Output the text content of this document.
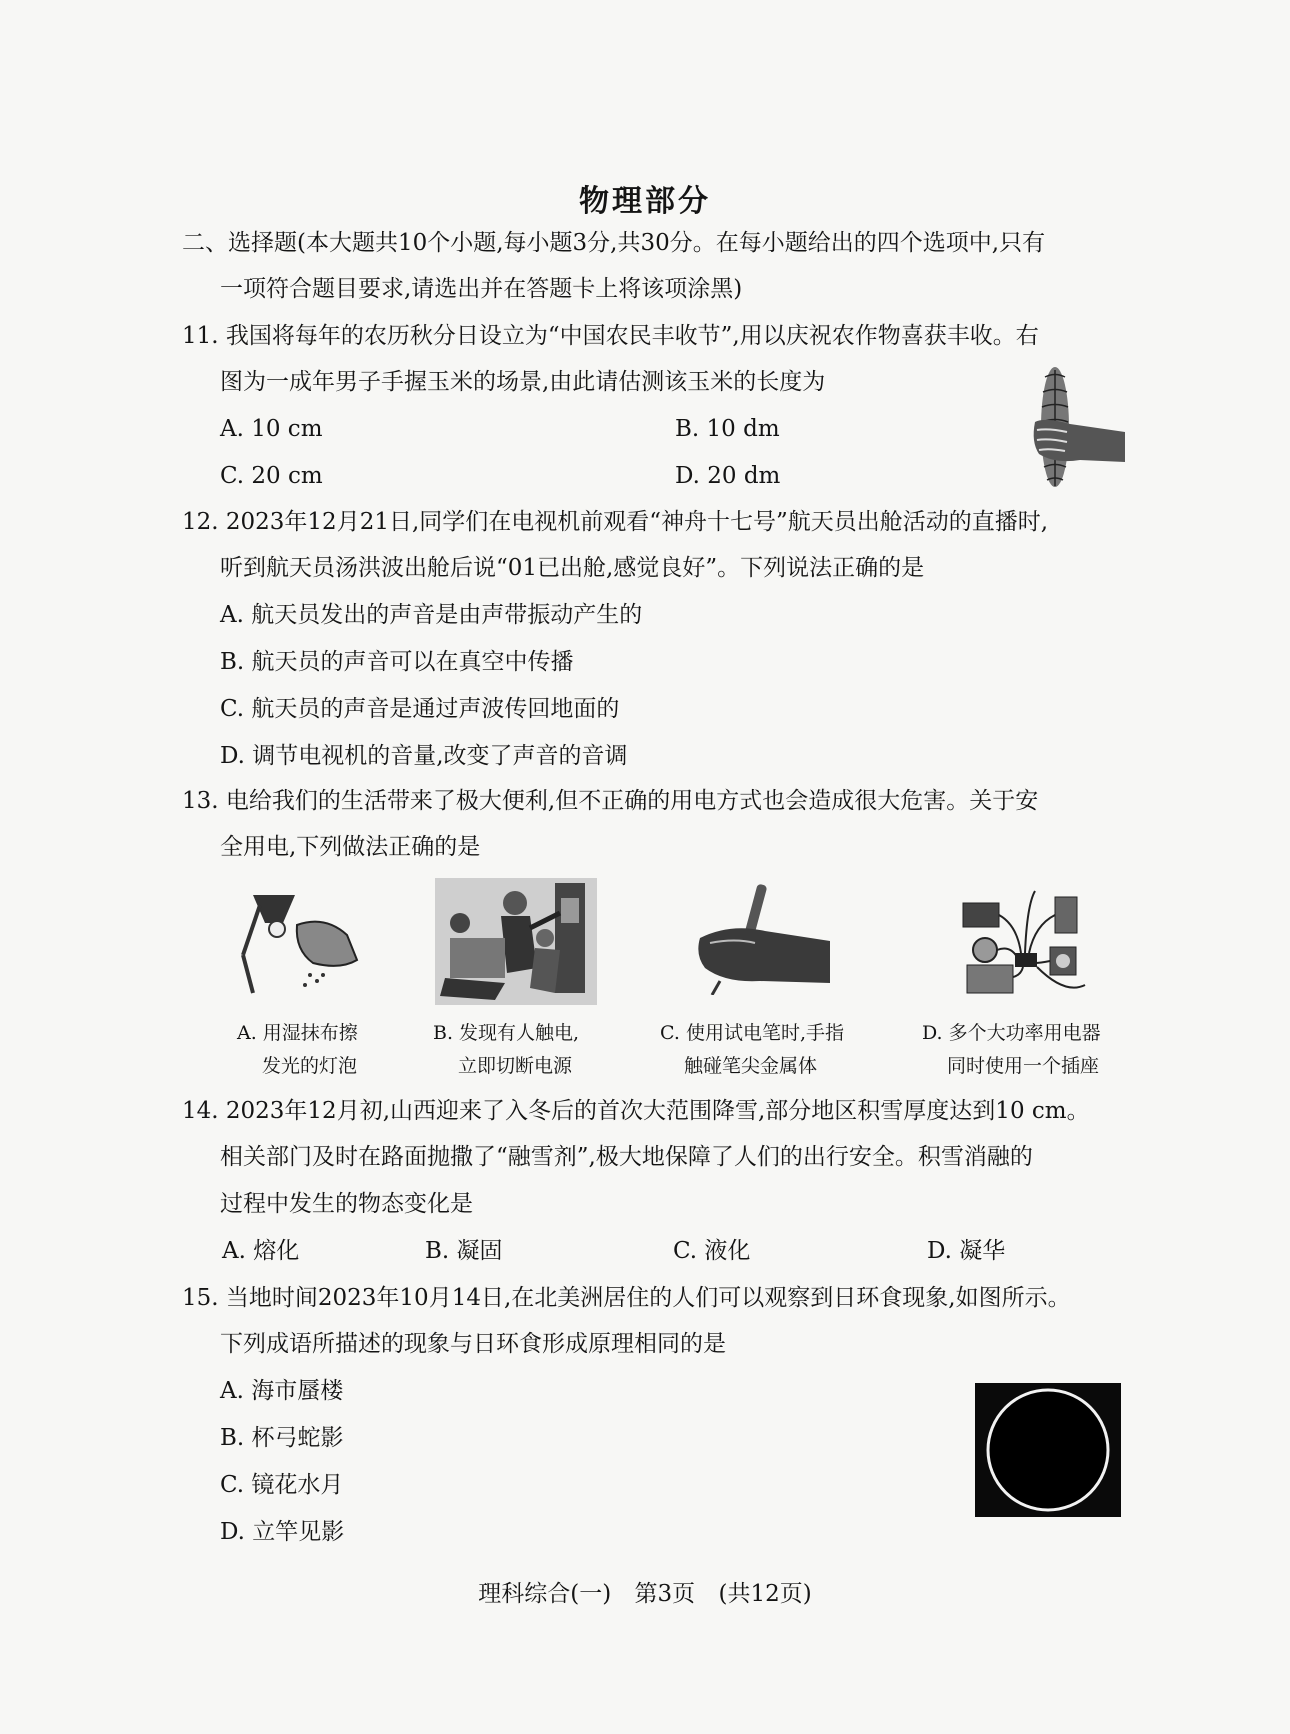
物理部分
二、选择题(本大题共10个小题,每小题3分,共30分。在每小题给出的四个选项中,只有
一项符合题目要求,请选出并在答题卡上将该项涂黑)
11. 我国将每年的农历秋分日设立为“中国农民丰收节”,用以庆祝农作物喜获丰收。右
图为一成年男子手握玉米的场景,由此请估测该玉米的长度为
A. 10 cm	B. 10 dm
C. 20 cm	D. 20 dm
12. 2023年12月21日,同学们在电视机前观看“神舟十七号”航天员出舱活动的直播时,
听到航天员汤洪波出舱后说“01已出舱,感觉良好”。下列说法正确的是
A. 航天员发出的声音是由声带振动产生的
B. 航天员的声音可以在真空中传播
C. 航天员的声音是通过声波传回地面的
D. 调节电视机的音量,改变了声音的音调
13. 电给我们的生活带来了极大便利,但不正确的用电方式也会造成很大危害。关于安
全用电,下列做法正确的是
A. 用湿抹布擦
发光的灯泡
B. 发现有人触电,
立即切断电源
C. 使用试电笔时,手指
触碰笔尖金属体
D. 多个大功率用电器
同时使用一个插座
14. 2023年12月初,山西迎来了入冬后的首次大范围降雪,部分地区积雪厚度达到10 cm。
相关部门及时在路面抛撒了“融雪剂”,极大地保障了人们的出行安全。积雪消融的
过程中发生的物态变化是
A. 熔化	B. 凝固	C. 液化	D. 凝华
15. 当地时间2023年10月14日,在北美洲居住的人们可以观察到日环食现象,如图所示。
下列成语所描述的现象与日环食形成原理相同的是
A. 海市蜃楼
B. 杯弓蛇影
C. 镜花水月
D. 立竿见影
理科综合(一) 第3页 (共12页)
